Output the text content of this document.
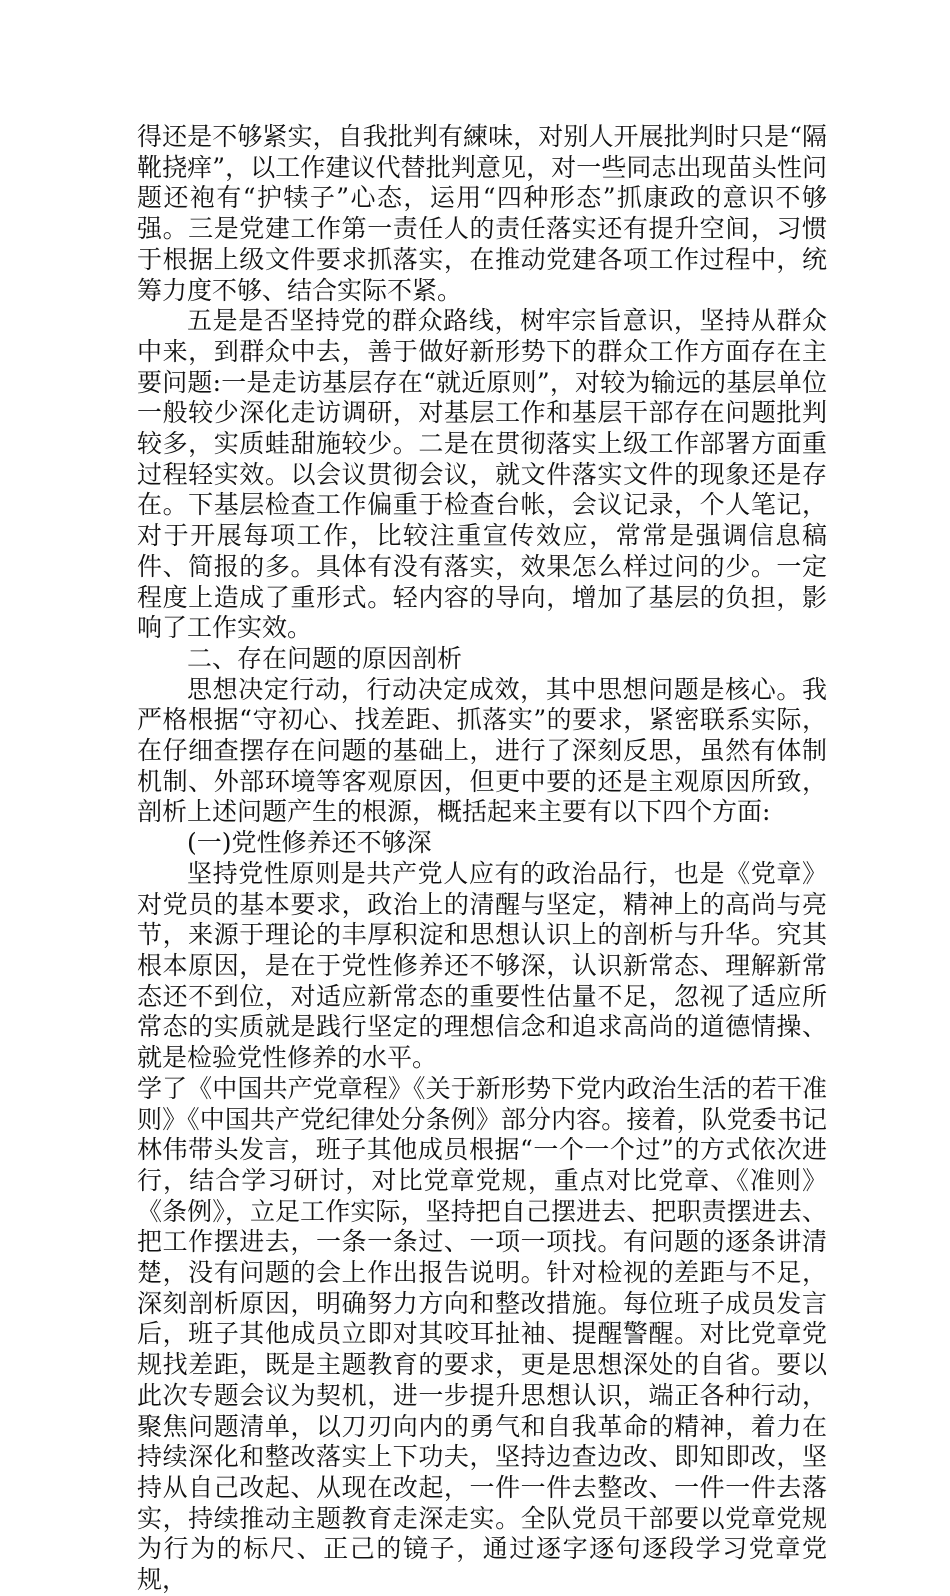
得还是不够紧实，自我批判有練味，对别人开展批判时只是“隔靴挠痒”，以工作建议代替批判意见，对一些同志出现苗头性问题还袍有“护犊子”心态，运用“四种形态”抓康政的意识不够强。三是党建工作第一责任人的责任落实还有提升空间，习惯于根据上级文件要求抓落实，在推动党建各项工作过程中，统筹力度不够、结合实际不紧。

五是是否坚持党的群众路线，树牢宗旨意识，坚持从群众中来，到群众中去，善于做好新形势下的群众工作方面存在主要问题:一是走访基层存在“就近原则”，对较为输远的基层单位一般较少深化走访调研，对基层工作和基层干部存在问题批判较多，实质蛙甜施较少。二是在贯彻落实上级工作部署方面重过程轻实效。以会议贯彻会议，就文件落实文件的现象还是存在。下基层检查工作偏重于检查台帐，会议记录，个人笔记，对于开展每项工作，比较注重宣传效应，常常是强调信息稿件、简报的多。具体有没有落实，效果怎么样过问的少。一定程度上造成了重形式。轻内容的导向，增加了基层的负担，影响了工作实效。

二、存在问题的原因剖析

思想决定行动，行动决定成效，其中思想问题是核心。我严格根据“守初心、找差距、抓落实”的要求，紧密联系实际，在仔细查摆存在问题的基础上，进行了深刻反思，虽然有体制机制、外部环境等客观原因，但更中要的还是主观原因所致，剖析上述问题产生的根源，概括起来主要有以下四个方面:

(一)党性修养还不够深

坚持党性原则是共产党人应有的政治品行，也是《党章》对党员的基本要求，政治上的清醒与坚定，精神上的高尚与亮节，来源于理论的丰厚积淀和思想认识上的剖析与升华。究其根本原因，是在于党性修养还不够深，认识新常态、理解新常态还不到位，对适应新常态的重要性估量不足，忽视了适应所常态的实质就是践行坚定的理想信念和追求高尚的道德情操、就是检验党性修养的水平。

学了《中国共产党章程》《关于新形势下党内政治生活的若干准则》《中国共产党纪律处分条例》部分内容。接着，队党委书记林伟带头发言，班子其他成员根据“一个一个过”的方式依次进行，结合学习研讨，对比党章党规，重点对比党章、《准则》《条例》，立足工作实际，坚持把自己摆进去、把职责摆进去、把工作摆进去，一条一条过、一项一项找。有问题的逐条讲清楚，没有问题的会上作出报告说明。针对检视的差距与不足，深刻剖析原因，明确努力方向和整改措施。每位班子成员发言后，班子其他成员立即对其咬耳扯袖、提醒警醒。对比党章党规找差距，既是主题教育的要求，更是思想深处的自省。要以此次专题会议为契机，进一步提升思想认识，端正各种行动，聚焦问题清单，以刀刃向内的勇气和自我革命的精神，着力在持续深化和整改落实上下功夫，坚持边查边改、即知即改，坚持从自己改起、从现在改起，一件一件去整改、一件一件去落实，持续推动主题教育走深走实。全队党员干部要以党章党规为行为的标尺、正己的镜子，通过逐字逐句逐段学习党章党规，
